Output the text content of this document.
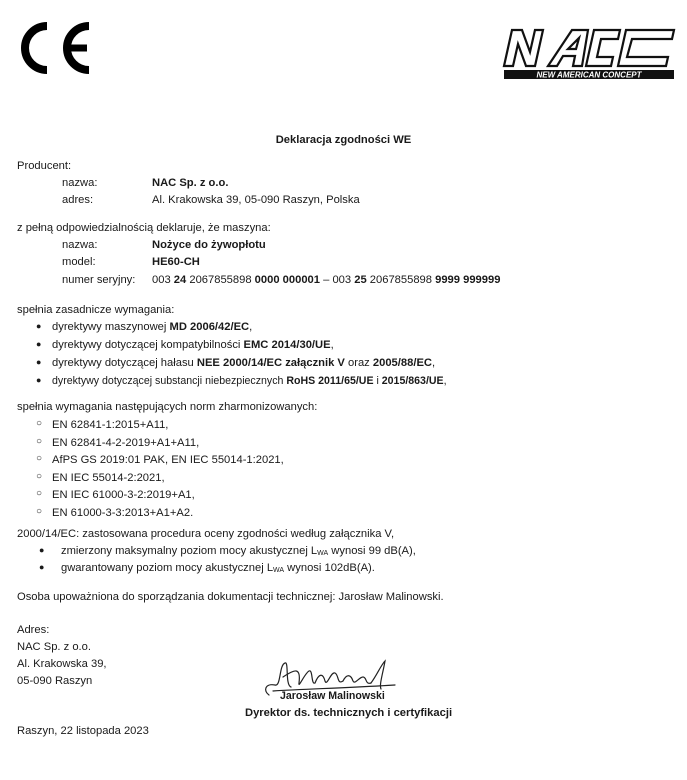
CE
NEW AMERICAN CONCEPT
NAC
Deklaracja zgodności WE
Producent:
nazwa:	NAC Sp. z o.o.
adres:	Al. Krakowska 39, 05-090 Raszyn, Polska
z pełną odpowiedzialnością deklaruje, że maszyna:
nazwa:	Nożyce do żywopłotu
model:	HE60-CH
numer seryjny: 003 24 2067855898 0000 000001 – 003 25 2067855898 9999 999999
spełnia zasadnicze wymagania:
● dyrektywy maszynowej MD 2006/42/EC,
● dyrektywy dotyczącej kompatybilności EMC 2014/30/UE,
● dyrektywy dotyczącej hałasu NEE 2000/14/EC załącznik V oraz 2005/88/EC,
● dyrektywy dotyczącej substancji niebezpiecznych RoHS 2011/65/UE i 2015/863/UE,
spełnia wymagania następujących norm zharmonizowanych:
○ EN 62841-1:2015+A11,
○ EN 62841-4-2-2019+A1+A11,
○ AfPS GS 2019:01 PAK, EN IEC 55014-1:2021,
○ EN IEC 55014-2:2021,
○ EN IEC 61000-3-2:2019+A1,
○ EN 61000-3-3:2013+A1+A2.
2000/14/EC: zastosowana procedura oceny zgodności według załącznika V,
● zmierzony maksymalny poziom mocy akustycznej $L_{WA}$ wynosi 99 dB(A),
● gwarantowany poziom mocy akustycznej $L_{WA}$ wynosi 102dB(A).
Osoba upoważniona do sporządzania dokumentacji technicznej: Jarosław Malinowski.
Adres:
NAC Sp. z o.o.
Al. Krakowska 39,
05-090 Raszyn
Jarosław Malinowski
Dyrektor ds. technicznych i certyfikacji
Raszyn, 22 listopada 2023
